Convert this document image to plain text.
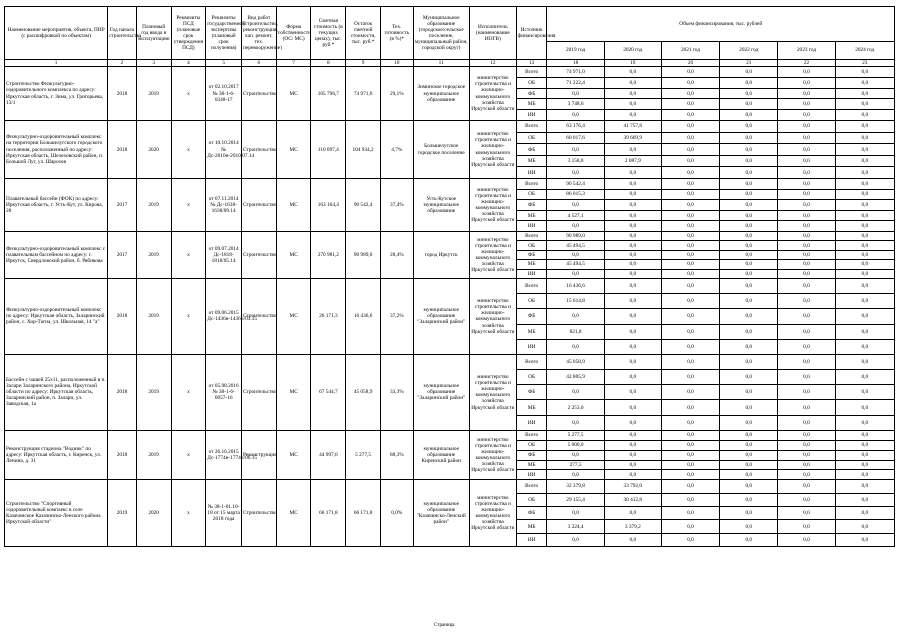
Наименование мероприятия, объекта, ПИР (с расшифровкой по объектам)	Год начала строительства	Плановый год ввода в эксплуатацию	Реквизиты ПСД (плановые срок утверждения ПСД)	Реквизиты государственной экспертизы (плановый срок получения)	Вид работ (строительство, реконструкция, кап. ремонт, тех. перевооружение)	Форма собственности (ОС/ МС)	Сметная стоимость (в текущих ценах), тыс. руб.*	Остаток сметной стоимости, тыс. руб.*	Тех. готовность (в %)*	Муниципальное образование (городское/сельское поселение, муниципальный район, городской округ)	Исполнитель (наименование ИОГВ)	Источник финансирования	Объем финансирования, тыс. рублей					
													2019 год	2020 год	2021 год	2022 год	2023 год	2024 год
1	2	3	4	5	6	7	8	9	10	11	12	13	18	19	20	21	22	23
Строительство Физкультурно-оздоровительного комплекса по адресу: Иркутская область, г. Зима, ул. Григорьева, 13/1	2018	2019	х	от 02.10.2017 № 38-1-6-0348-17	Строительство	МС	105 796,7	74 971,0	29,1%	Зиминское городское муниципальное образование	министерство строительства и жилищно-коммунального хозяйства Иркутской области	Всего	74 971,0	0,0	0,0	0,0	0,0	0,0
												ОБ	71 222,4	0,0	0,0	0,0	0,0	0,0
												ФБ	0,0	0,0	0,0	0,0	0,0	0,0
												МБ	3 748,6	0,0	0,0	0,0	0,0	0,0
												ИИ	0,0	0,0	0,0	0,0	0,0	0,0
Физкультурно-оздоровительный комплекс на территории Большелугского городского поселения, расположенный по адресу: Иркутская область, Шелеховский район, п. Большой Луг, ул. Шарохов	2018	2020	х	от 10.10.2014 № Дс-2010н-2010/07.14	Строительство	МС	110 097,4	104 934,2	4,7%	Большелугское городское поселение	министерство строительства и жилищно-коммунального хозяйства Иркутской области	Всего	63 176,4	41 757,8	0,0	0,0	0,0	0,0
												ОБ	60 017,6	39 669,9	0,0	0,0	0,0	0,0
												ФБ	0,0	0,0	0,0	0,0	0,0	0,0
												МБ	3 158,8	2 087,9	0,0	0,0	0,0	0,0
												ИИ	0,0	0,0	0,0	0,0	0,0	0,0
Плавательный бассейн (ФОК) по адресу: Иркутская область, г. Усть-Кут, ул. Кирова, 28	2017	2019	х	от 07.11.2014 № Дс-1638-1638/09.14	Строительство	МС	163 164,4	90 542,4	37,4%	Усть-Кутское муниципальное образование	министерство строительства и жилищно-коммунального хозяйства Иркутской области	Всего	90 542,4	0,0	0,0	0,0	0,0	0,0
												ОБ	86 015,3	0,0	0,0	0,0	0,0	0,0
												ФБ	0,0	0,0	0,0	0,0	0,0	0,0
												МБ	4 527,1	0,0	0,0	0,0	0,0	0,0
												ИИ	0,0	0,0	0,0	0,0	0,0	0,0
Физкультурно-оздоровительный комплекс с плавательным бассейном по адресу: г. Иркутск, Свердловский район, б. Рябикова	2017	2019	х	от 09.07.2014 Дс-1818-1818/05.14	Строительство	МС	270 981,2	90 989,0	28,4%	город Иркутск	министерство строительства и жилищно-коммунального хозяйства Иркутской области	Всего	90 989,0	0,0	0,0	0,0	0,0	0,0
												ОБ	45 494,5	0,0	0,0	0,0	0,0	0,0
												ФБ	0,0	0,0	0,0	0,0	0,0	0,0
												МБ	45 494,5	0,0	0,0	0,0	0,0	0,0
												ИИ	0,0	0,0	0,0	0,0	0,0	0,0
Физкультурно-оздоровительный комплекс по адресу: Иркутская область, Заларинский район, с. Хор-Тагна, ул. Школьная, 14 "а"	2018	2019	х	от 09.06.2015 Дс-1436н-1436н/03.15	Строительство	МС	26 171,3	16 436,6	37,2%	муниципальное образование "Заларинский район"	министерство строительства и жилищно-коммунального хозяйства Иркутской области	Всего	16 436,6	0,0	0,0	0,0	0,0	0,0
												ОБ	15 614,8	0,0	0,0	0,0	0,0	0,0
												ФБ	0,0	0,0	0,0	0,0	0,0	0,0
												МБ	821,8	0,0	0,0	0,0	0,0	0,0
												ИИ	0,0	0,0	0,0	0,0	0,0	0,0
Бассейн с чашей 25х11, расположенный в п. Залари Заларинского района, Иркутской области по адресу: Иркутская область, Заларинский район, п. Залари, ул. Заводская, 1а	2018	2019	х	от 05.08.2016 № 38-1-6-0057-16	Строительство	МС	67 544,7	45 058,9	33,3%	муниципальное образование "Заларинский район"	министерство строительства и жилищно-коммунального хозяйства Иркутской области	Всего	45 058,9	0,0	0,0	0,0	0,0	0,0
												ОБ	42 805,9	0,0	0,0	0,0	0,0	0,0
												ФБ	0,0	0,0	0,0	0,0	0,0	0,0
												МБ	2 253,0	0,0	0,0	0,0	0,0	0,0
												ИИ	0,0	0,0	0,0	0,0	0,0	0,0
Реконструкция стадиона "Водник" по адресу: Иркутская область, г. Киренск, ул. Ленина, д. 31	2018	2019	х	от 26.10.2015 Дс-1774н-1774н/06.15	Реконструкция	МС	44 997,6	5 277,5	88,3%	муниципальное образование Киренский район	министерство строительства и жилищно-коммунального хозяйства Иркутской области	Всего	5 277,5	0,0	0,0	0,0	0,0	0,0
												ОБ	5 000,0	0,0	0,0	0,0	0,0	0,0
												ФБ	0,0	0,0	0,0	0,0	0,0	0,0
												МБ	277,5	0,0	0,0	0,0	0,0	0,0
												ИИ	0,0	0,0	0,0	0,0	0,0	0,0
Строительство "Спортивный оздоровительный комплекс в селе Казачинское Казачинско-Ленского района Иркутской области"	2019	2020	х	№ 38-1-01.10-18 от 15 марта 2018 года	Строительство	МС	66 171,8	66 171,8	0,0%	муниципальное образование "Казачинско-Ленский район"	министерство строительства и жилищно-коммунального хозяйства Иркутской области	Всего	32 379,8	33 792,0	0,0	0,0	0,0	0,0
												ОБ	29 155,4	30 412,8	0,0	0,0	0,0	0,0
												ФБ	0,0	0,0	0,0	0,0	0,0	0,0
												МБ	3 224,4	3 379,2	0,0	0,0	0,0	0,0
												ИИ	0,0	0,0	0,0	0,0	0,0	0,0
Страница
